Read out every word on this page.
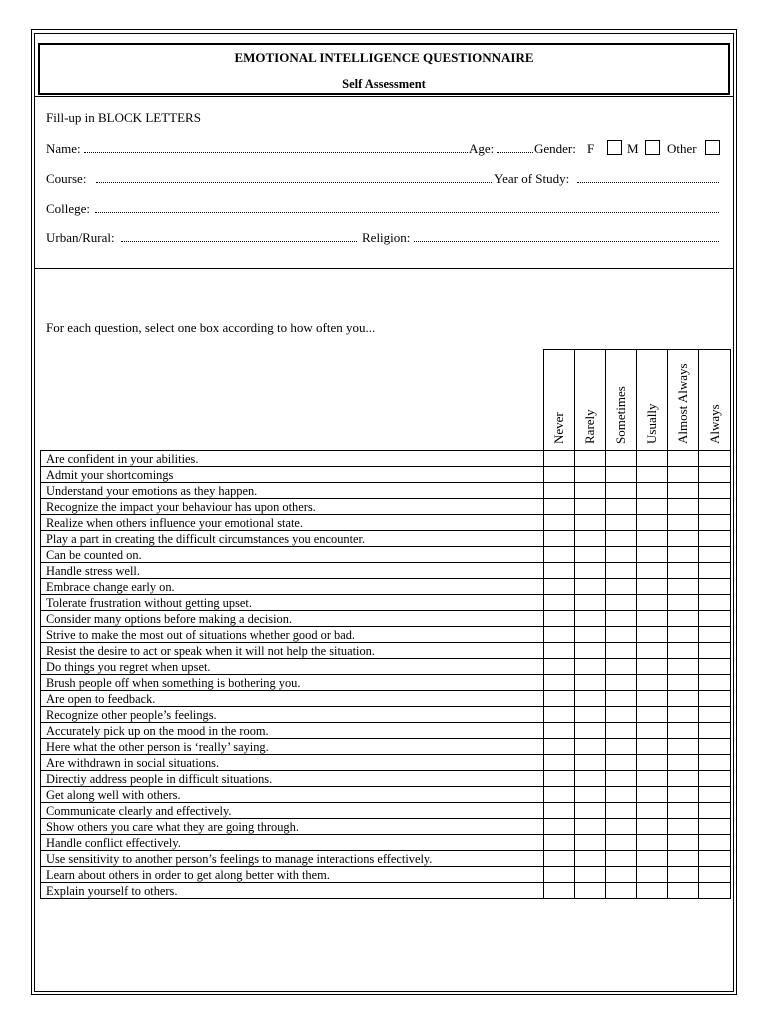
EMOTIONAL INTELLIGENCE QUESTIONNAIRE
Self Assessment
Fill-up in BLOCK LETTERS
Name:	Age:	Gender: F	M Other
Course:	Year of Study:
College:
Urban/Rural:	Religion:
For each question, select one box according to how often you...

	Never	Rarely	Sometimes	Usually	Almost Always	Always

Are confident in your abilities.						
Admit your shortcomings						
Understand your emotions as they happen.						
Recognize the impact your behaviour has upon others.						
Realize when others influence your emotional state.						
Play a part in creating the difficult circumstances you encounter.						
Can be counted on.						
Handle stress well.						
Embrace change early on.						
Tolerate frustration without getting upset.						
Consider many options before making a decision.						
Strive to make the most out of situations whether good or bad.						
Resist the desire to act or speak when it will not help the situation.						
Do things you regret when upset.						
Brush people off when something is bothering you.						
Are open to feedback.						
Recognize other people’s feelings.						
Accurately pick up on the mood in the room.						
Here what the other person is ‘really’ saying.						
Are withdrawn in social situations.						
Directiy address people in difficult situations.						
Get along well with others.						
Communicate clearly and effectively.						
Show others you care what they are going through.						
Handle conflict effectively.						
Use sensitivity to another person’s feelings to manage interactions effectively.						
Learn about others in order to get along better with them.						
Explain yourself to others.						
